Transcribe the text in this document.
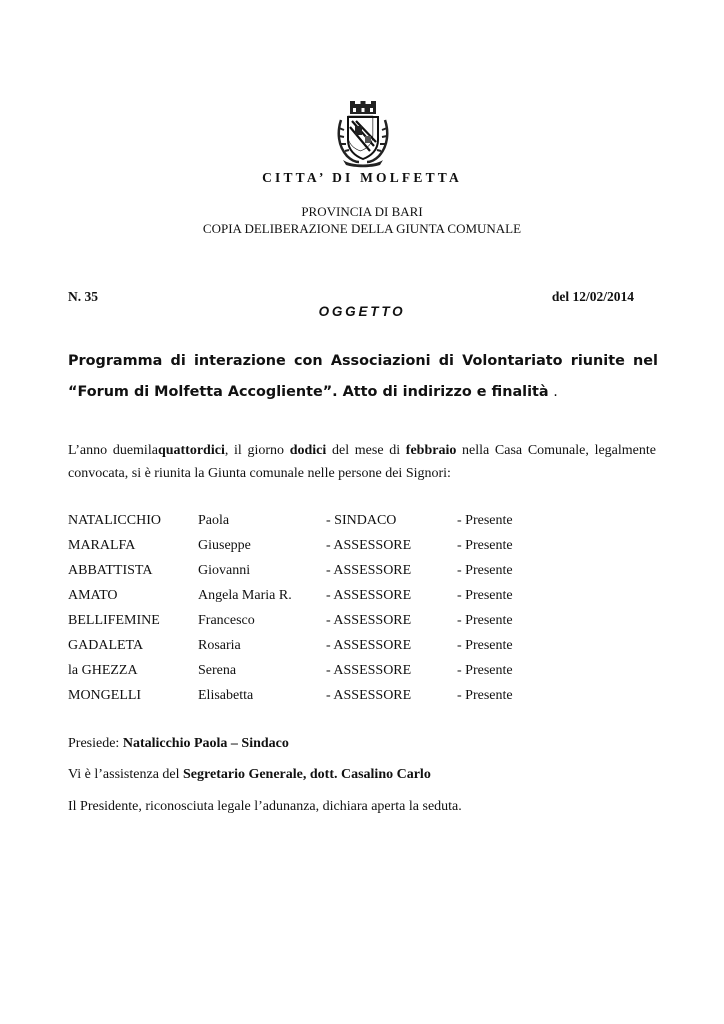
CITTA’ DI MOLFETTA
PROVINCIA DI BARI
COPIA DELIBERAZIONE DELLA GIUNTA COMUNALE
N. 35	del 12/02/2014
OGGETTO
Programma di interazione con Associazioni di Volontariato riunite nel “Forum di Molfetta Accogliente”. Atto di indirizzo e finalità .
L’anno duemilaquattordici, il giorno dodici del mese di febbraio nella Casa Comunale, legalmente convocata, si è riunita la Giunta comunale nelle persone dei Signori:
NATALICCHIO	Paola	- SINDACO	- Presente
MARALFA	Giuseppe	- ASSESSORE	- Presente
ABBATTISTA	Giovanni	- ASSESSORE	- Presente
AMATO	Angela Maria R. - ASSESSORE	- Presente
BELLIFEMINE	Francesco	- ASSESSORE	- Presente
GADALETA	Rosaria	- ASSESSORE	- Presente
la GHEZZA	Serena	- ASSESSORE	- Presente
MONGELLI	Elisabetta	- ASSESSORE	- Presente
Presiede: Natalicchio Paola – Sindaco
Vi è l’assistenza del Segretario Generale, dott. Casalino Carlo
Il Presidente, riconosciuta legale l’adunanza, dichiara aperta la seduta.
